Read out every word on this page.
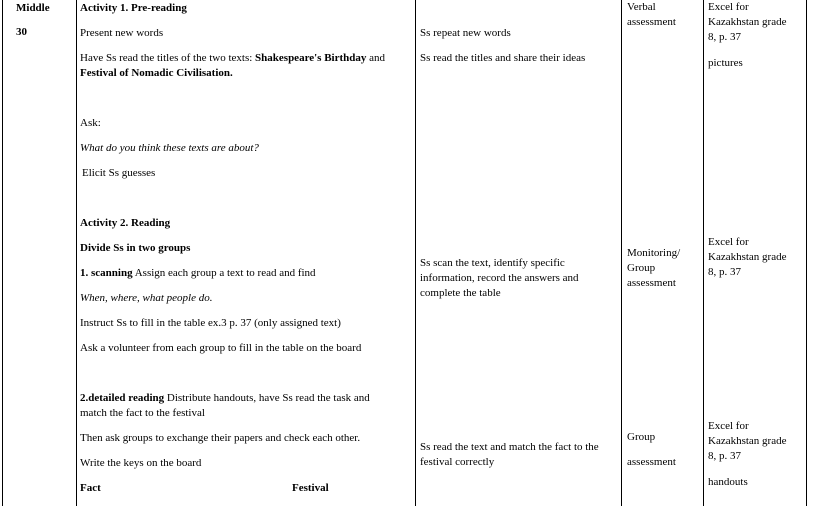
Middle
30
Activity 1. Pre-reading
Present new words
Have Ss read the titles of the two texts: Shakespeare's Birthday and
Festival of Nomadic Civilisation.
Ask:
What do you think these texts are about?
Elicit Ss guesses
Activity 2. Reading
Divide Ss in two groups
1. scanning Assign each group a text to read and find
When, where, what people do.
Instruct Ss to fill in the table ex.3 p. 37 (only assigned text)
Ask a volunteer from each group to fill in the table on the board
2.detailed reading Distribute handouts, have Ss read the task and
match the fact to the festival
Then ask groups to exchange their papers and check each other.
Write the keys on the board
Fact	Festival
Ss repeat new words
Ss read the titles and share their ideas
Ss scan the text, identify specific
information, record the answers and
complete the table
Ss read the text and match the fact to the
festival correctly
Verbal
assessment
Monitoring/
Group
assessment
Group
assessment
Excel for
Kazakhstan grade
8, p. 37
pictures
Excel for
Kazakhstan grade
8, p. 37
Excel for
Kazakhstan grade
8, p. 37
handouts
